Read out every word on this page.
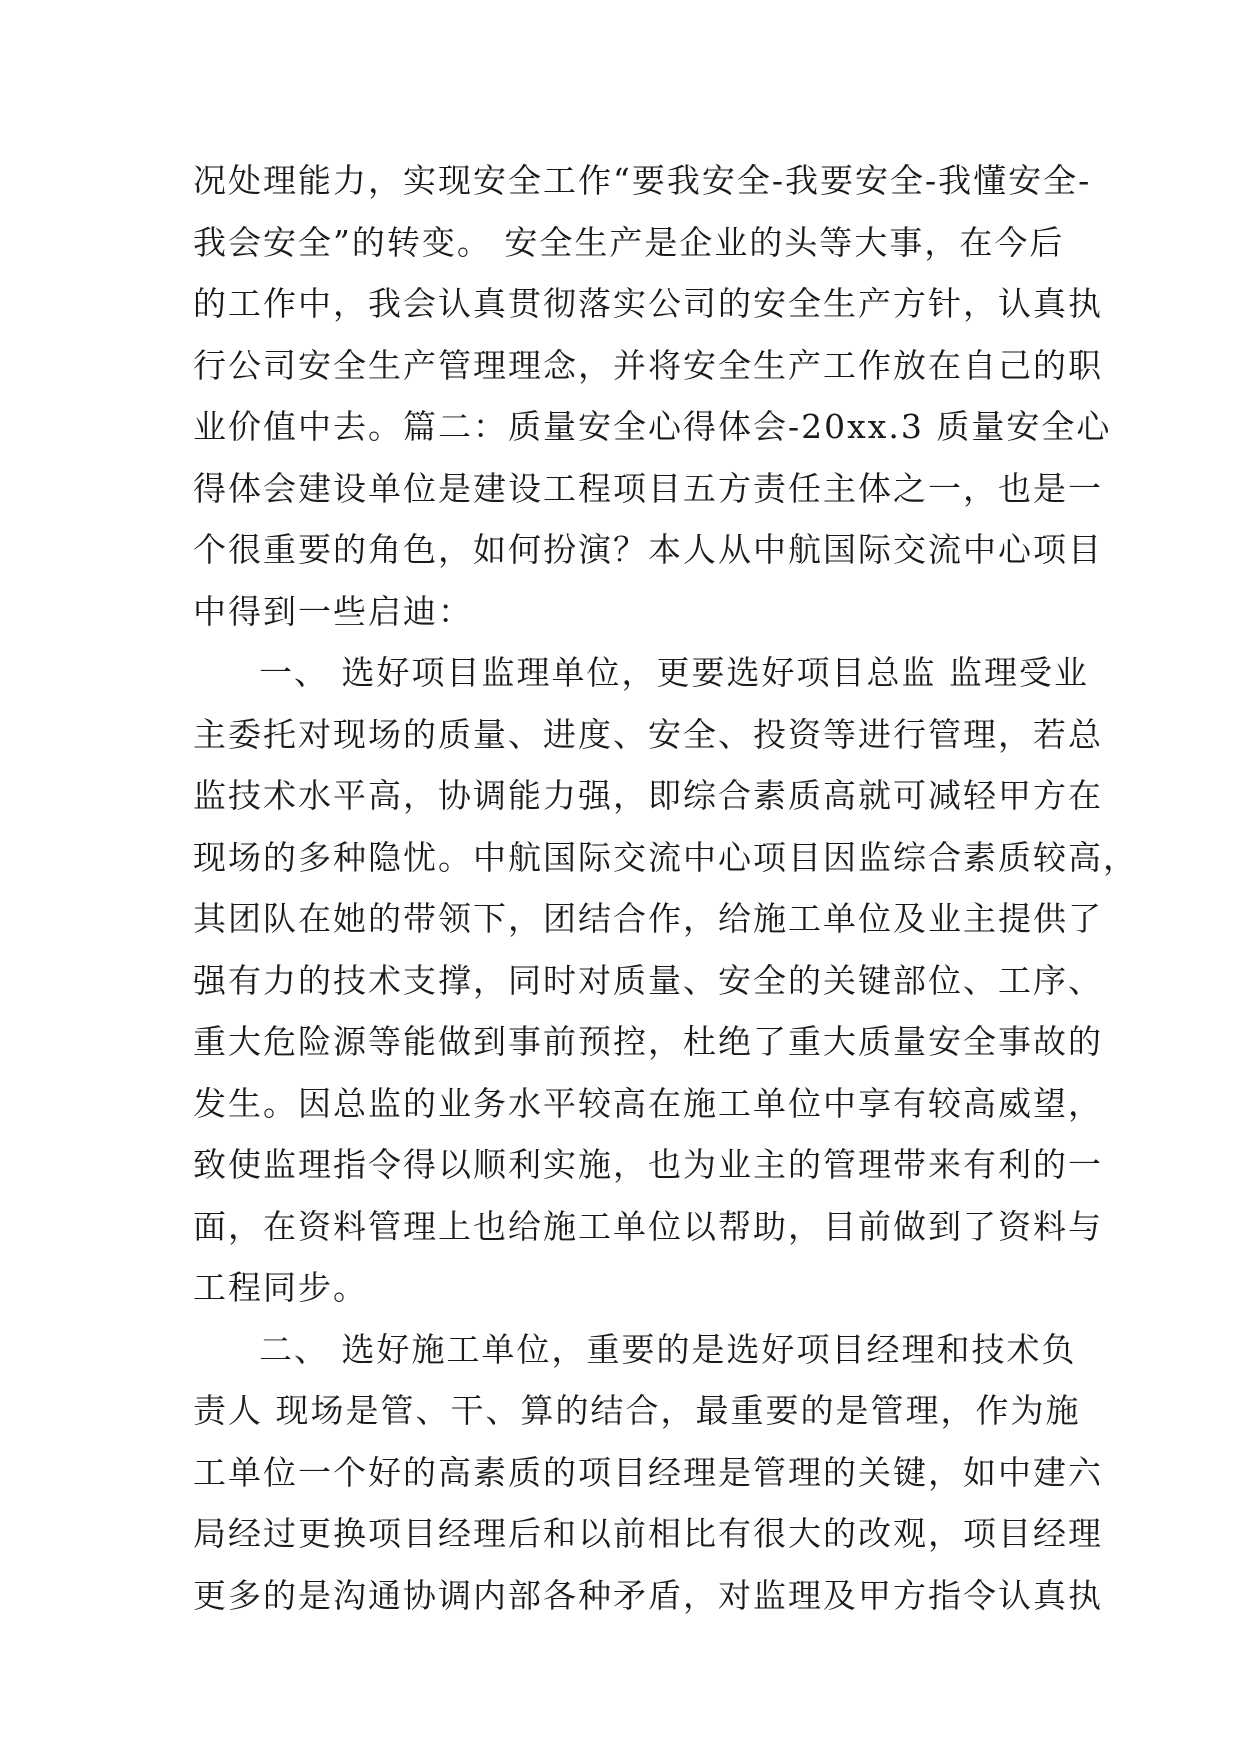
况处理能力，实现安全工作“要我安全-我要安全-我懂安全-
我会安全”的转变。 安全生产是企业的头等大事，在今后
的工作中，我会认真贯彻落实公司的安全生产方针，认真执
行公司安全生产管理理念，并将安全生产工作放在自己的职
业价值中去。篇二：质量安全心得体会-20xx.3 质量安全心
得体会建设单位是建设工程项目五方责任主体之一，也是一
个很重要的角色，如何扮演？本人从中航国际交流中心项目
中得到一些启迪：
一、 选好项目监理单位，更要选好项目总监 监理受业
主委托对现场的质量、进度、安全、投资等进行管理，若总
监技术水平高，协调能力强，即综合素质高就可减轻甲方在
现场的多种隐忧。中航国际交流中心项目因监综合素质较高，
其团队在她的带领下，团结合作，给施工单位及业主提供了
强有力的技术支撑，同时对质量、安全的关键部位、工序、
重大危险源等能做到事前预控，杜绝了重大质量安全事故的
发生。因总监的业务水平较高在施工单位中享有较高威望，
致使监理指令得以顺利实施，也为业主的管理带来有利的一
面，在资料管理上也给施工单位以帮助，目前做到了资料与
工程同步。
二、 选好施工单位，重要的是选好项目经理和技术负
责人 现场是管、干、算的结合，最重要的是管理，作为施
工单位一个好的高素质的项目经理是管理的关键，如中建六
局经过更换项目经理后和以前相比有很大的改观，项目经理
更多的是沟通协调内部各种矛盾，对监理及甲方指令认真执
